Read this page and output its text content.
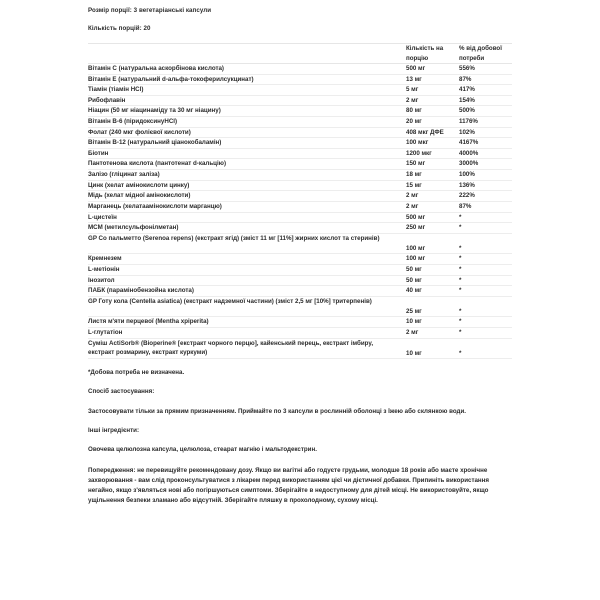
Розмір порції: 3 вегетаріанські капсули
Кількість порцій: 20
	Кількість на порцію	% від добової потреби
Вітамін C (натуральна аскорбінова кислота)	500 мг	556%
Вітамін E (натуральний d-альфа-токоферилсукцинат)	13 мг	87%
Тіамін (тіамін HCl)	5 мг	417%
Рибофлавін	2 мг	154%
Ніацин (50 мг ніацинаміду та 30 мг ніацину)	80 мг	500%
Вітамін B-6 (піридоксинуHCl)	20 мг	1176%
Фолат (240 мкг фолієвої кислоти)	408 мкг ДФЕ	102%
Вітамін B-12 (натуральний ціанокобаламін)	100 мкг	4167%
Біотин	1200 мкг	4000%
Пантотенова кислота (пантотенат d-кальцію)	150 мг	3000%
Залізо (гліцинат заліза)	18 мг	100%
Цинк (хелат амінокислоти цинку)	15 мг	136%
Мідь (хелат мідної амінокислоти)	2 мг	222%
Марганець (хелатаамінокислоти марганцю)	2 мг	87%
L-цистеїн	500 мг	*
MCM (метилсульфонілметан)	250 мг	*
GP Со пальметто (Serenoa repens) (екстракт ягід) (зміст 11 мг [11%] жирних кислот та стеринів)	100 мг	*
Кремнезем	100 мг	*
L-метіонін	50 мг	*
Інозитол	50 мг	*
ПАБК (парамінобензойна кислота)	40 мг	*
GP Готу кола (Centella asiatica) (екстракт надземної частини) (зміст 2,5 мг [10%] тритерпенів)	25 мг	*
Листя м'яти перцевої (Mentha xpiperita)	10 мг	*
L-глутатіон	2 мг	*
Суміш ActiSorb® (Bioperine® [екстракт чорного перцю], кайенський перець, екстракт імбиру, екстракт розмарину, екстракт куркуми)	10 мг	*
*Добова потреба не визначена.
Спосіб застосування:
Застосовувати тільки за прямим призначенням. Приймайте по 3 капсули в рослинній оболонці з їжею або склянкою води.
Інші інгредієнти:
Овочева целюлозна капсула, целюлоза, стеарат магнію і мальтодекстрин.
Попередження: не перевищуйте рекомендовану дозу. Якщо ви вагітні або годуєте грудьми, молодше 18 років або маєте хронічне захворювання - вам слід проконсультуватися з лікарем перед використанням цієї чи дієтичної добавки. Припиніть використання негайно, якщо з'являться нові або погіршуються симптоми. Зберігайте в недоступному для дітей місці. Не використовуйте, якщо ущільнення безпеки зламано або відсутній. Зберігайте пляшку в прохолодному, сухому місці.
